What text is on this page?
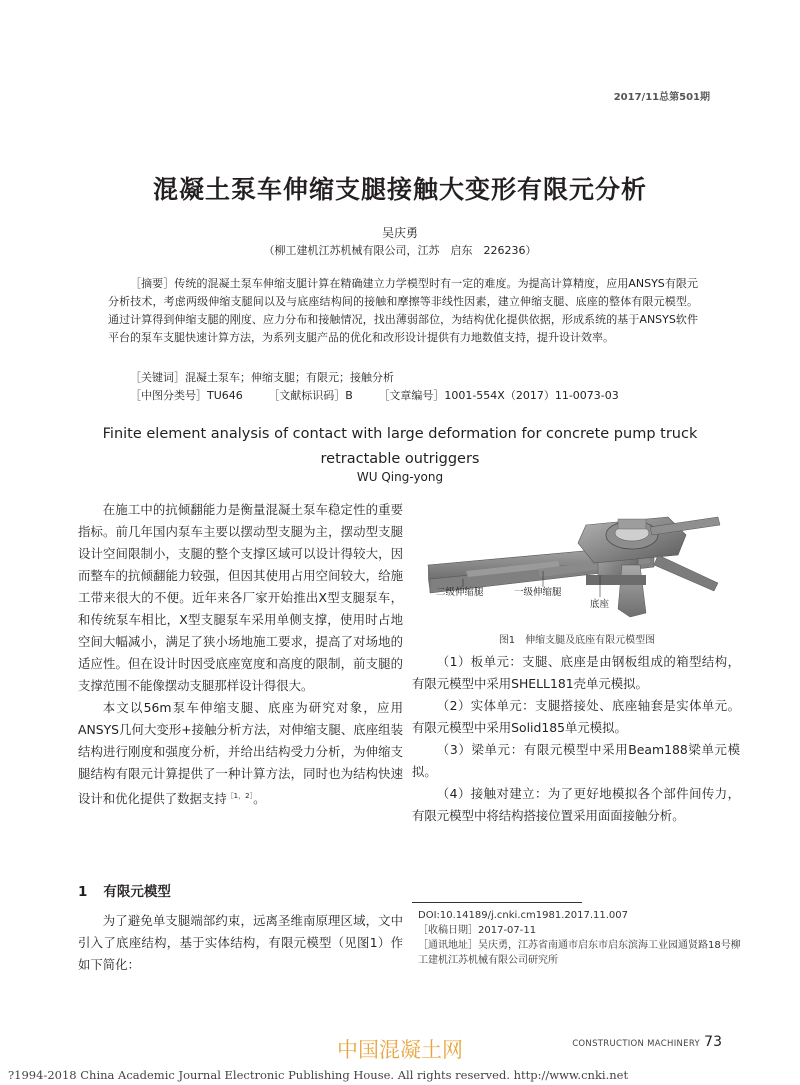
2017/11总第501期
混凝土泵车伸缩支腿接触大变形有限元分析
吴庆勇
（柳工建机江苏机械有限公司，江苏　启东　226236）
［摘要］传统的混凝土泵车伸缩支腿计算在精确建立力学模型时有一定的难度。为提高计算精度，应用ANSYS有限元分析技术，考虑两级伸缩支腿间以及与底座结构间的接触和摩擦等非线性因素，建立伸缩支腿、底座的整体有限元模型。通过计算得到伸缩支腿的刚度、应力分布和接触情况，找出薄弱部位，为结构优化提供依据，形成系统的基于ANSYS软件平台的泵车支腿快速计算方法，为系列支腿产品的优化和改形设计提供有力地数值支持，提升设计效率。
［关键词］混凝土泵车；伸缩支腿；有限元；接触分析
［中图分类号］TU646 ［文献标识码］B ［文章编号］1001-554X（2017）11-0073-03
Finite element analysis of contact with large deformation for concrete pump truck retractable outriggers
WU Qing-yong

在施工中的抗倾翻能力是衡量混凝土泵车稳定性的重要指标。前几年国内泵车主要以摆动型支腿为主，摆动型支腿设计空间限制小，支腿的整个支撑区域可以设计得较大，因而整车的抗倾翻能力较强，但因其使用占用空间较大，给施工带来很大的不便。近年来各厂家开始推出X型支腿泵车，和传统泵车相比，X型支腿泵车采用单侧支撑，使用时占地空间大幅减小，满足了狭小场地施工要求，提高了对场地的适应性。但在设计时因受底座宽度和高度的限制，前支腿的支撑范围不能像摆动支腿那样设计得很大。

本文以56m泵车伸缩支腿、底座为研究对象，应用ANSYS几何大变形+接触分析方法，对伸缩支腿、底座组装结构进行刚度和强度分析，并给出结构受力分析，为伸缩支腿结构有限元计算提供了一种计算方法，同时也为结构快速设计和优化提供了数据支持$^{[1,2]}$。

1 有限元模型

为了避免单支腿端部约束，远离圣维南原理区域，文中引入了底座结构，基于实体结构，有限元模型（见图1）作如下简化：

二级伸缩腿	一级伸缩腿
底座
图1　伸缩支腿及底座有限元模型图

（1）板单元：支腿、底座是由钢板组成的箱型结构，有限元模型中采用SHELL181壳单元模拟。

（2）实体单元：支腿搭接处、底座轴套是实体单元。有限元模型中采用Solid185单元模拟。

（3）梁单元：有限元模型中采用Beam188梁单元模拟。

（4）接触对建立：为了更好地模拟各个部件间传力，有限元模型中将结构搭接位置采用面面接触分析。

DOI:10.14189/j.cnki.cm1981.2017.11.007
［收稿日期］2017-07-11
［通讯地址］吴庆勇，江苏省南通市启东市启东滨海工业园通贤路18号柳工建机江苏机械有限公司研究所
中国混凝土网	CONSTRUCTION MACHINERY 73
?1994-2018 China Academic Journal Electronic Publishing House. All rights reserved. http://www.cnki.net
